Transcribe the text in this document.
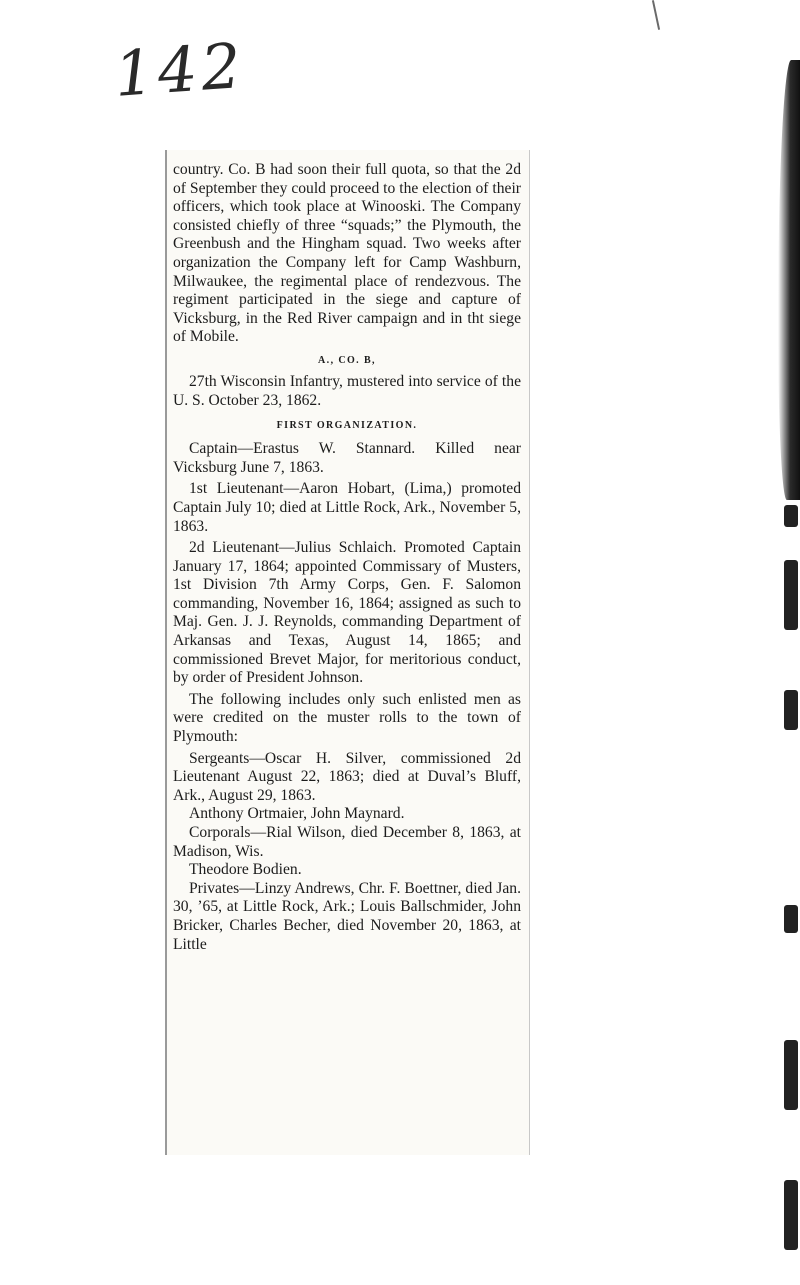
142

country. Co. B had soon their full quota, so that the 2d of September they could proceed to the election of their officers, which took place at Winooski. The Company consisted chiefly of three “squads;” the Plymouth, the Greenbush and the Hingham squad. Two weeks after organization the Company left for Camp Washburn, Milwaukee, the regimental place of rendezvous. The regiment participated in the siege and capture of Vicksburg, in the Red River campaign and in tht siege of Mobile.

A., CO. B,

27th Wisconsin Infantry, mustered into service of the U. S. October 23, 1862.

FIRST ORGANIZATION.

Captain—Erastus W. Stannard. Killed near Vicksburg June 7, 1863.

1st Lieutenant—Aaron Hobart, (Lima,) promoted Captain July 10; died at Little Rock, Ark., November 5, 1863.

2d Lieutenant—Julius Schlaich. Promoted Captain January 17, 1864; appointed Commissary of Musters, 1st Division 7th Army Corps, Gen. F. Salomon commanding, November 16, 1864; assigned as such to Maj. Gen. J. J. Reynolds, commanding Department of Arkansas and Texas, August 14, 1865; and commissioned Brevet Major, for meritorious conduct, by order of President Johnson.

The following includes only such enlisted men as were credited on the muster rolls to the town of Plymouth:

Sergeants—Oscar H. Silver, commissioned 2d Lieutenant August 22, 1863; died at Duval’s Bluff, Ark., August 29, 1863.

Anthony Ortmaier, John Maynard.

Corporals—Rial Wilson, died December 8, 1863, at Madison, Wis.

Theodore Bodien.

Privates—Linzy Andrews, Chr. F. Boettner, died Jan. 30, ’65, at Little Rock, Ark.; Louis Ballschmider, John Bricker, Charles Becher, died November 20, 1863, at Little
